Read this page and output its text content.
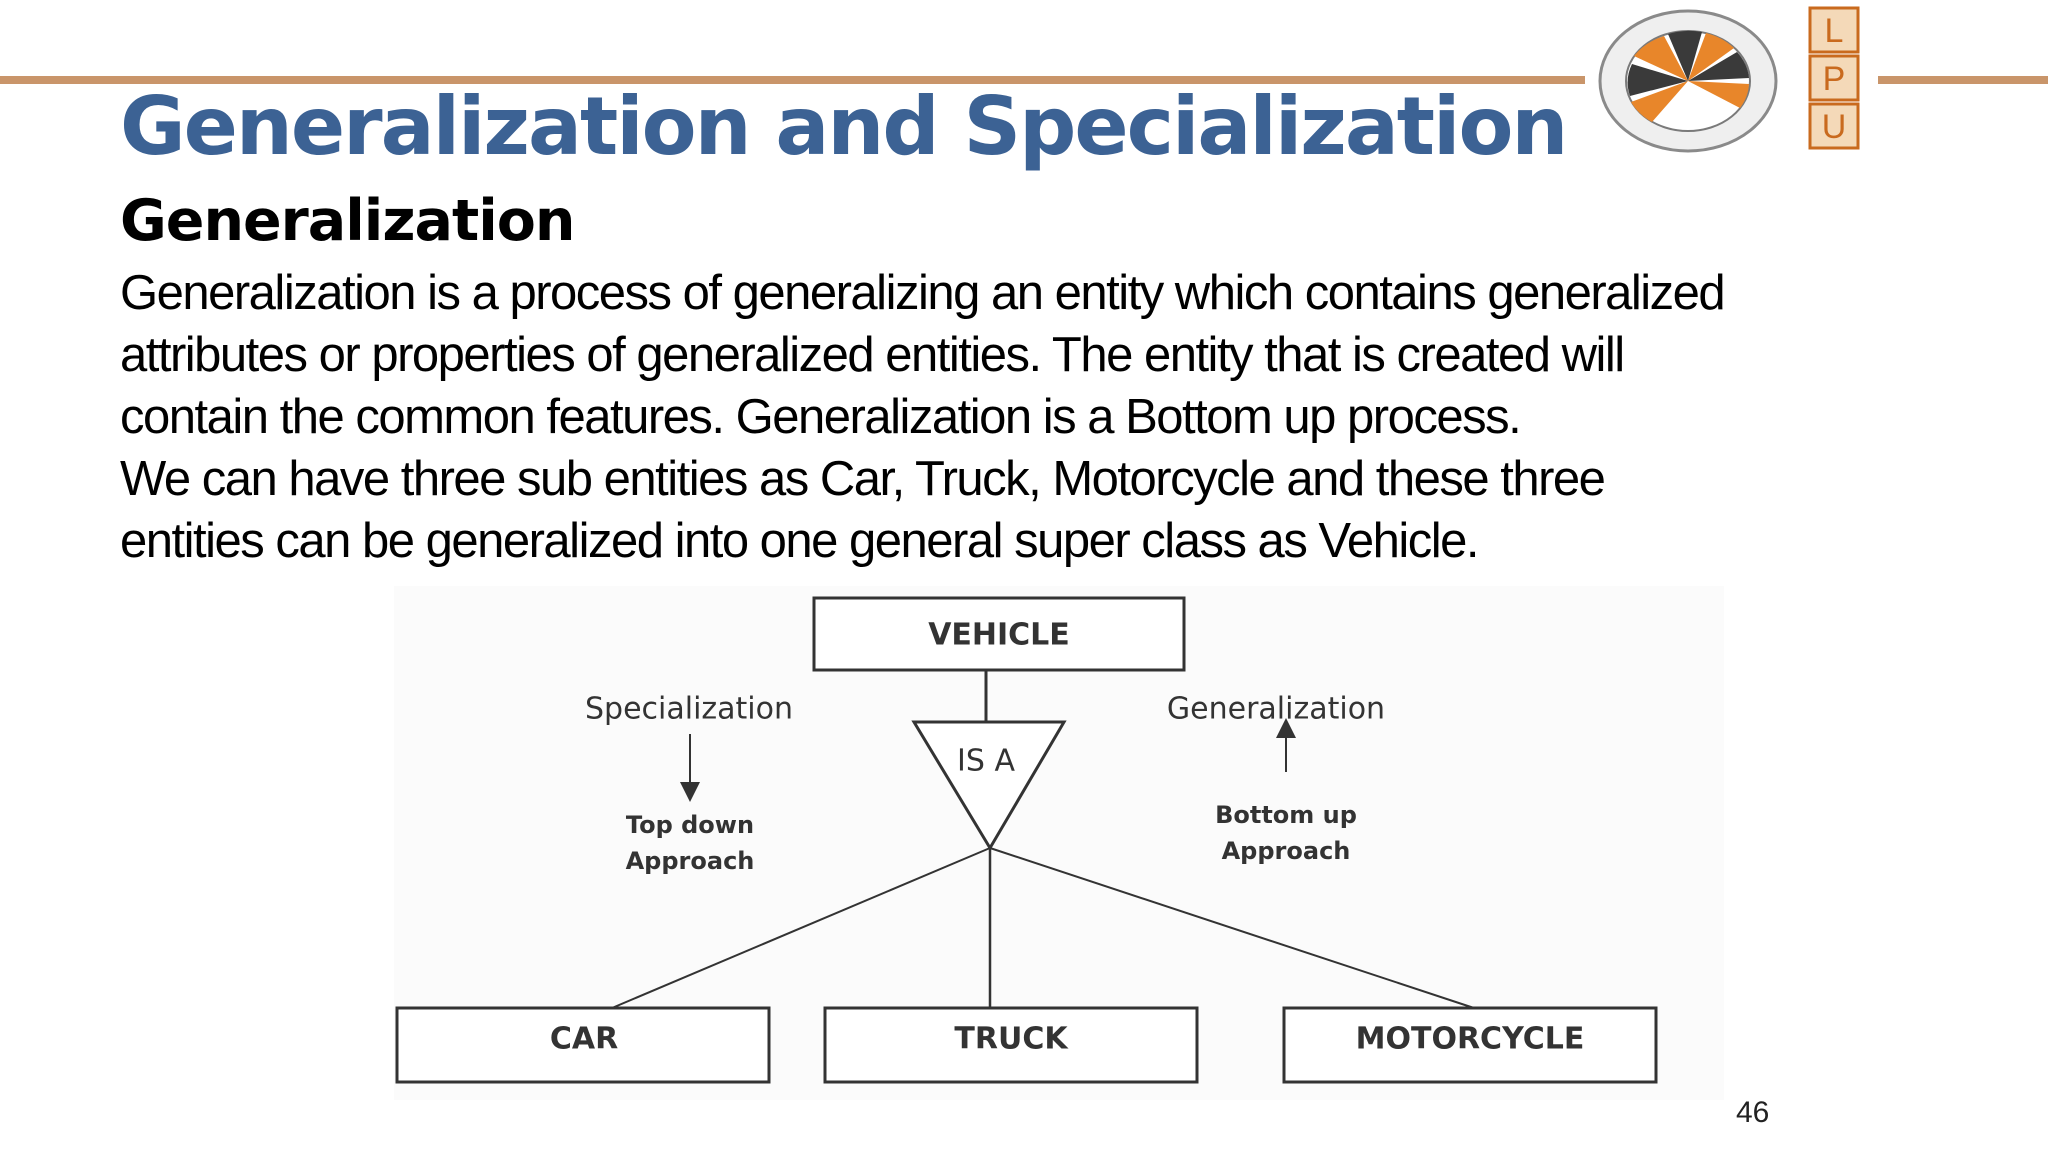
L
P
U
Generalization and Specialization
Generalization

Generalization is a process of generalizing an entity which contains generalized

attributes or properties of generalized entities. The entity that is created will

contain the common features. Generalization is a Bottom up process.

We can have three sub entities as Car, Truck, Motorcycle and these three

entities can be generalized into one general super class as Vehicle.

VEHICLE
IS A
Specialization
Top down
Approach
Generalization
Bottom up
Approach
CAR	TRUCK	MOTORCYCLE
46
